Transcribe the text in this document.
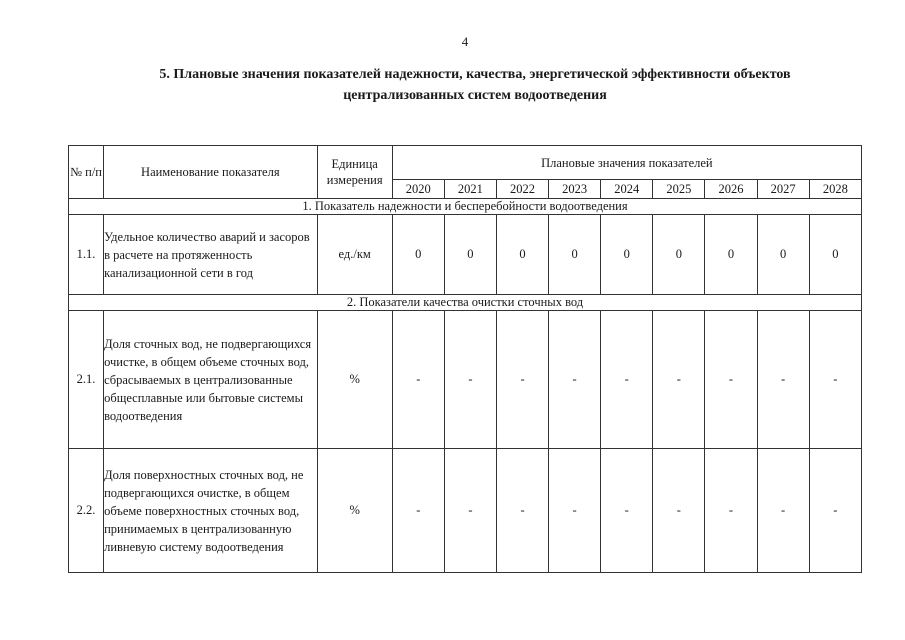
4
5. Плановые значения показателей надежности, качества, энергетической эффективности объектов
централизованных систем водоотведения
№ п/п	Наименование показателя	Единица измерения	Плановые значения показателей								
			2020	2021	2022	2023	2024	2025	2026	2027	2028
1. Показатель надежности и бесперебойности водоотведения											
1.1.	Удельное количество аварий и засоров в расчете на протяженность канализационной сети в год	ед./км	0	0	0	0	0	0	0	0	0
2. Показатели качества очистки сточных вод											
2.1.	Доля сточных вод, не подвергающихся очистке, в общем объеме сточных вод, сбрасываемых в централизованные общесплавные или бытовые системы водоотведения	%	-	-	-	-	-	-	-	-	-
2.2.	Доля поверхностных сточных вод, не подвергающихся очистке, в общем объеме поверхностных сточных вод, принимаемых в централизованную ливневую систему водоотведения	%	-	-	-	-	-	-	-	-	-
